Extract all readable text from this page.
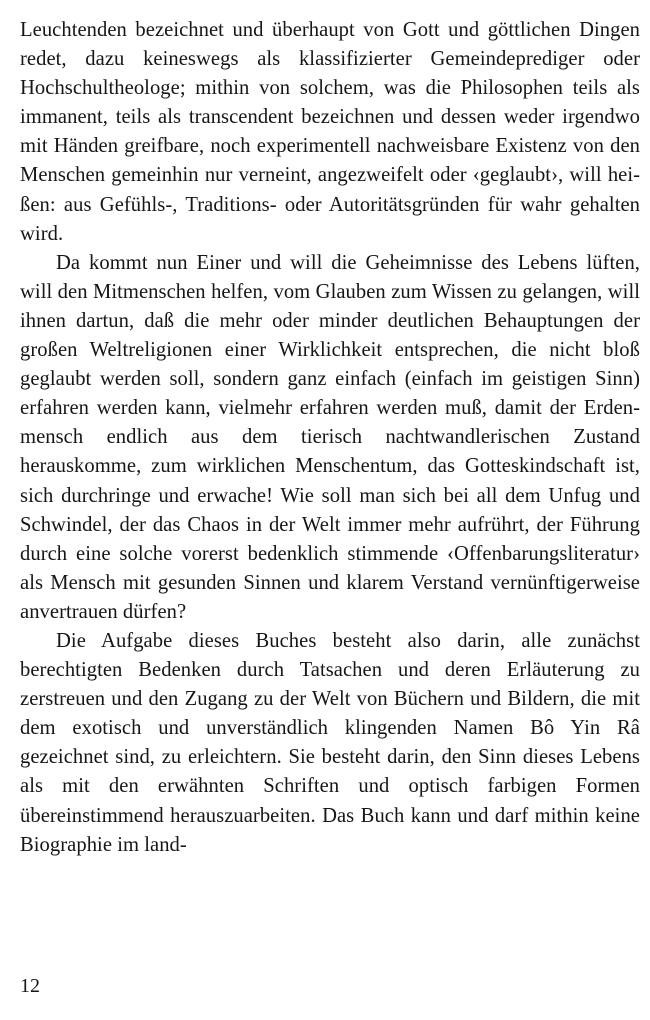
Leuchtenden bezeichnet und überhaupt von Gott und göttlichen Dingen redet, dazu keineswegs als klassifizierter Gemeindeprediger oder Hochschultheologe; mithin von solchem, was die Philosophen teils als immanent, teils als transcendent bezeichnen und dessen weder irgendwo mit Händen greifbare, noch experimentell nachweisbare Existenz von den Menschen gemeinhin nur verneint, angezweifelt oder ‹geglaubt›, will heißen: aus Gefühls-, Traditions- oder Autoritätsgründen für wahr gehalten wird.

Da kommt nun Einer und will die Geheimnisse des Lebens lüften, will den Mitmenschen helfen, vom Glauben zum Wissen zu gelangen, will ihnen dartun, daß die mehr oder minder deutlichen Behauptungen der großen Weltreligionen einer Wirklichkeit entsprechen, die nicht bloß geglaubt werden soll, sondern ganz einfach (einfach im geistigen Sinn) erfahren werden kann, vielmehr erfahren werden muß, damit der Erdenmensch endlich aus dem tierisch nachtwandlerischen Zustand herauskomme, zum wirklichen Menschentum, das Gotteskindschaft ist, sich durchringe und erwache! Wie soll man sich bei all dem Unfug und Schwindel, der das Chaos in der Welt immer mehr aufrührt, der Führung durch eine solche vorerst bedenklich stimmende ‹Offenbarungsliteratur› als Mensch mit gesunden Sinnen und klarem Verstand vernünftigerweise anvertrauen dürfen?

Die Aufgabe dieses Buches besteht also darin, alle zunächst berechtigten Bedenken durch Tatsachen und deren Erläuterung zu zerstreuen und den Zugang zu der Welt von Büchern und Bildern, die mit dem exotisch und unverständlich klingenden Namen Bô Yin Râ gezeichnet sind, zu erleichtern. Sie besteht darin, den Sinn dieses Lebens als mit den erwähnten Schriften und optisch farbigen Formen übereinstimmend herauszuarbeiten. Das Buch kann und darf mithin keine Biographie im land-

12
